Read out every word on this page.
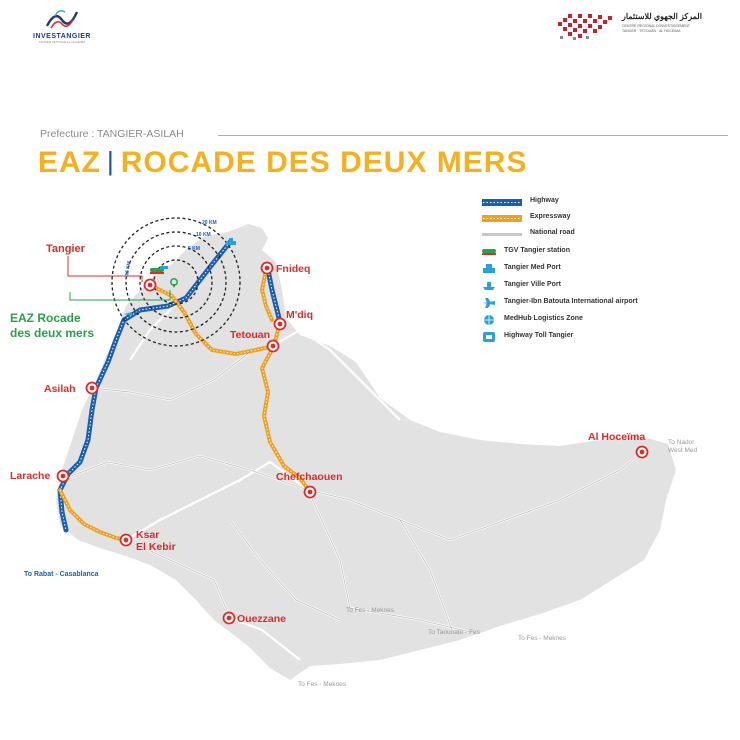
INVESTANGIER
TANGER TETOUAN AL HOCEIMA
المركز الجهوي للاستثمار
CENTRE RÉGIONAL D'INVESTISSEMENT
TANGER · TÉTOUAN · AL HOCEIMA
Prefecture : TANGIER-ASILAH
EAZ | ROCADE DES DEUX MERS
5 KM
10 KM
20 KM
15 KM
Tangier
Fnideq
M'diq
Tetouan
Asilah
Larache	Chefchaouen
Ksar
El Kebir
Ouezzane
Al Hoceïma
EAZ Rocade
des deux mers
To Rabat - Casablanca
To Nador
West Med
To Fes - Meknes
To Taounate - Fes
To Fes - Meknes
To Fes - Meknes
Highway
Expressway
National road
TGV Tangier station
Tangier Med Port
Tangier Ville Port
Tangier-Ibn Batouta International airport
MedHub Logistics Zone
Highway Toll Tangier
